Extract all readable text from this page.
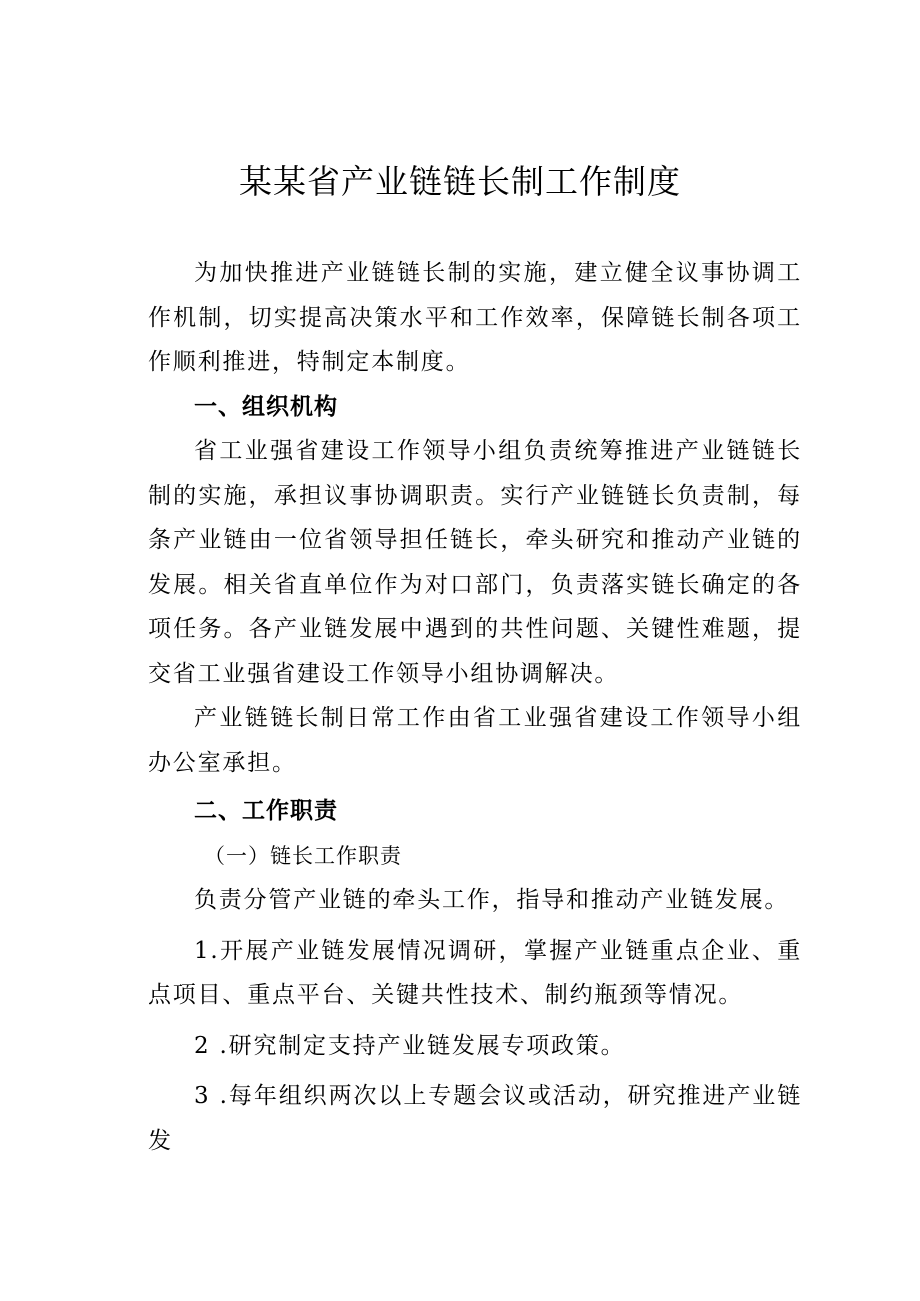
某某省产业链链长制工作制度

为加快推进产业链链长制的实施，建立健全议事协调工作机制，切实提高决策水平和工作效率，保障链长制各项工作顺利推进，特制定本制度。

一、组织机构

省工业强省建设工作领导小组负责统筹推进产业链链长制的实施，承担议事协调职责。实行产业链链长负责制，每条产业链由一位省领导担任链长，牵头研究和推动产业链的发展。相关省直单位作为对口部门，负责落实链长确定的各项任务。各产业链发展中遇到的共性问题、关键性难题，提交省工业强省建设工作领导小组协调解决。

产业链链长制日常工作由省工业强省建设工作领导小组办公室承担。

二、工作职责

（一）链长工作职责

负责分管产业链的牵头工作，指导和推动产业链发展。

1.开展产业链发展情况调研，掌握产业链重点企业、重点项目、重点平台、关键共性技术、制约瓶颈等情况。

2 .研究制定支持产业链发展专项政策。

3 .每年组织两次以上专题会议或活动，研究推进产业链发
